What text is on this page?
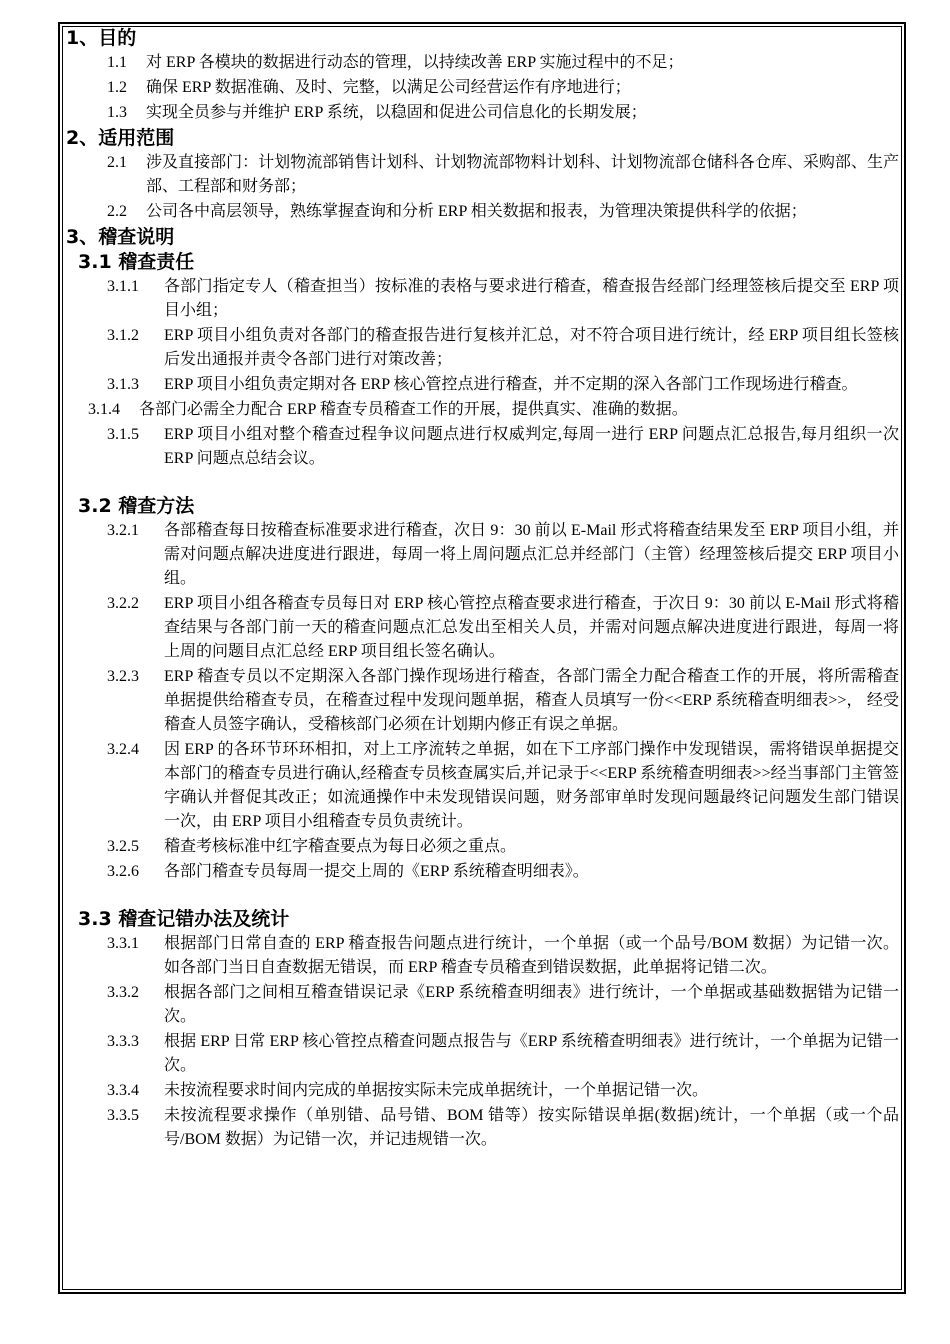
1、目的
1.1 对 ERP 各模块的数据进行动态的管理，以持续改善 ERP 实施过程中的不足；
1.2 确保 ERP 数据准确、及时、完整，以满足公司经营运作有序地进行；
1.3 实现全员参与并维护 ERP 系统，以稳固和促进公司信息化的长期发展；
2、适用范围
2.1 涉及直接部门：计划物流部销售计划科、计划物流部物料计划科、计划物流部仓储科各仓库、采购部、生产部、工程部和财务部；
2.2 公司各中高层领导，熟练掌握查询和分析 ERP 相关数据和报表，为管理决策提供科学的依据；
3、稽查说明
3.1 稽查责任
3.1.1 各部门指定专人（稽查担当）按标准的表格与要求进行稽查，稽查报告经部门经理签核后提交至 ERP 项目小组；
3.1.2 ERP 项目小组负责对各部门的稽查报告进行复核并汇总，对不符合项目进行统计，经 ERP 项目组长签核后发出通报并责令各部门进行对策改善；
3.1.3 ERP 项目小组负责定期对各 ERP 核心管控点进行稽查，并不定期的深入各部门工作现场进行稽查。
3.1.4 各部门必需全力配合 ERP 稽查专员稽查工作的开展，提供真实、准确的数据。
3.1.5 ERP 项目小组对整个稽查过程争议问题点进行权威判定,每周一进行 ERP 问题点汇总报告,每月组织一次 ERP 问题点总结会议。
3.2 稽查方法
3.2.1 各部稽查每日按稽查标准要求进行稽查，次日 9：30 前以 E-Mail 形式将稽查结果发至 ERP 项目小组，并需对问题点解决进度进行跟进，每周一将上周问题点汇总并经部门（主管）经理签核后提交 ERP 项目小组。
3.2.2 ERP 项目小组各稽查专员每日对 ERP 核心管控点稽查要求进行稽查，于次日 9：30 前以 E-Mail 形式将稽查结果与各部门前一天的稽查问题点汇总发出至相关人员，并需对问题点解决进度进行跟进，每周一将上周的问题目点汇总经 ERP 项目组长签名确认。
3.2.3 ERP 稽查专员以不定期深入各部门操作现场进行稽查，各部门需全力配合稽查工作的开展，将所需稽查单据提供给稽查专员，在稽查过程中发现问题单据，稽查人员填写一份<<ERP 系统稽查明细表>>， 经受稽查人员签字确认，受稽核部门必须在计划期内修正有误之单据。
3.2.4 因 ERP 的各环节环环相扣，对上工序流转之单据，如在下工序部门操作中发现错误，需将错误单据提交本部门的稽查专员进行确认,经稽查专员核查属实后,并记录于<<ERP 系统稽查明细表>>经当事部门主管签字确认并督促其改正；如流通操作中未发现错误问题，财务部审单时发现问题最终记问题发生部门错误一次，由 ERP 项目小组稽查专员负责统计。
3.2.5 稽查考核标准中红字稽查要点为每日必须之重点。
3.2.6 各部门稽查专员每周一提交上周的《ERP 系统稽查明细表》。
3.3 稽查记错办法及统计
3.3.1 根据部门日常自查的 ERP 稽查报告问题点进行统计，一个单据（或一个品号/BOM 数据）为记错一次。如各部门当日自查数据无错误，而 ERP 稽查专员稽查到错误数据，此单据将记错二次。
3.3.2 根据各部门之间相互稽查错误记录《ERP 系统稽查明细表》进行统计，一个单据或基础数据错为记错一次。
3.3.3 根据 ERP 日常 ERP 核心管控点稽查问题点报告与《ERP 系统稽查明细表》进行统计，一个单据为记错一次。
3.3.4 未按流程要求时间内完成的单据按实际未完成单据统计，一个单据记错一次。
3.3.5 未按流程要求操作（单别错、品号错、BOM 错等）按实际错误单据(数据)统计，一个单据（或一个品号/BOM 数据）为记错一次，并记违规错一次。
